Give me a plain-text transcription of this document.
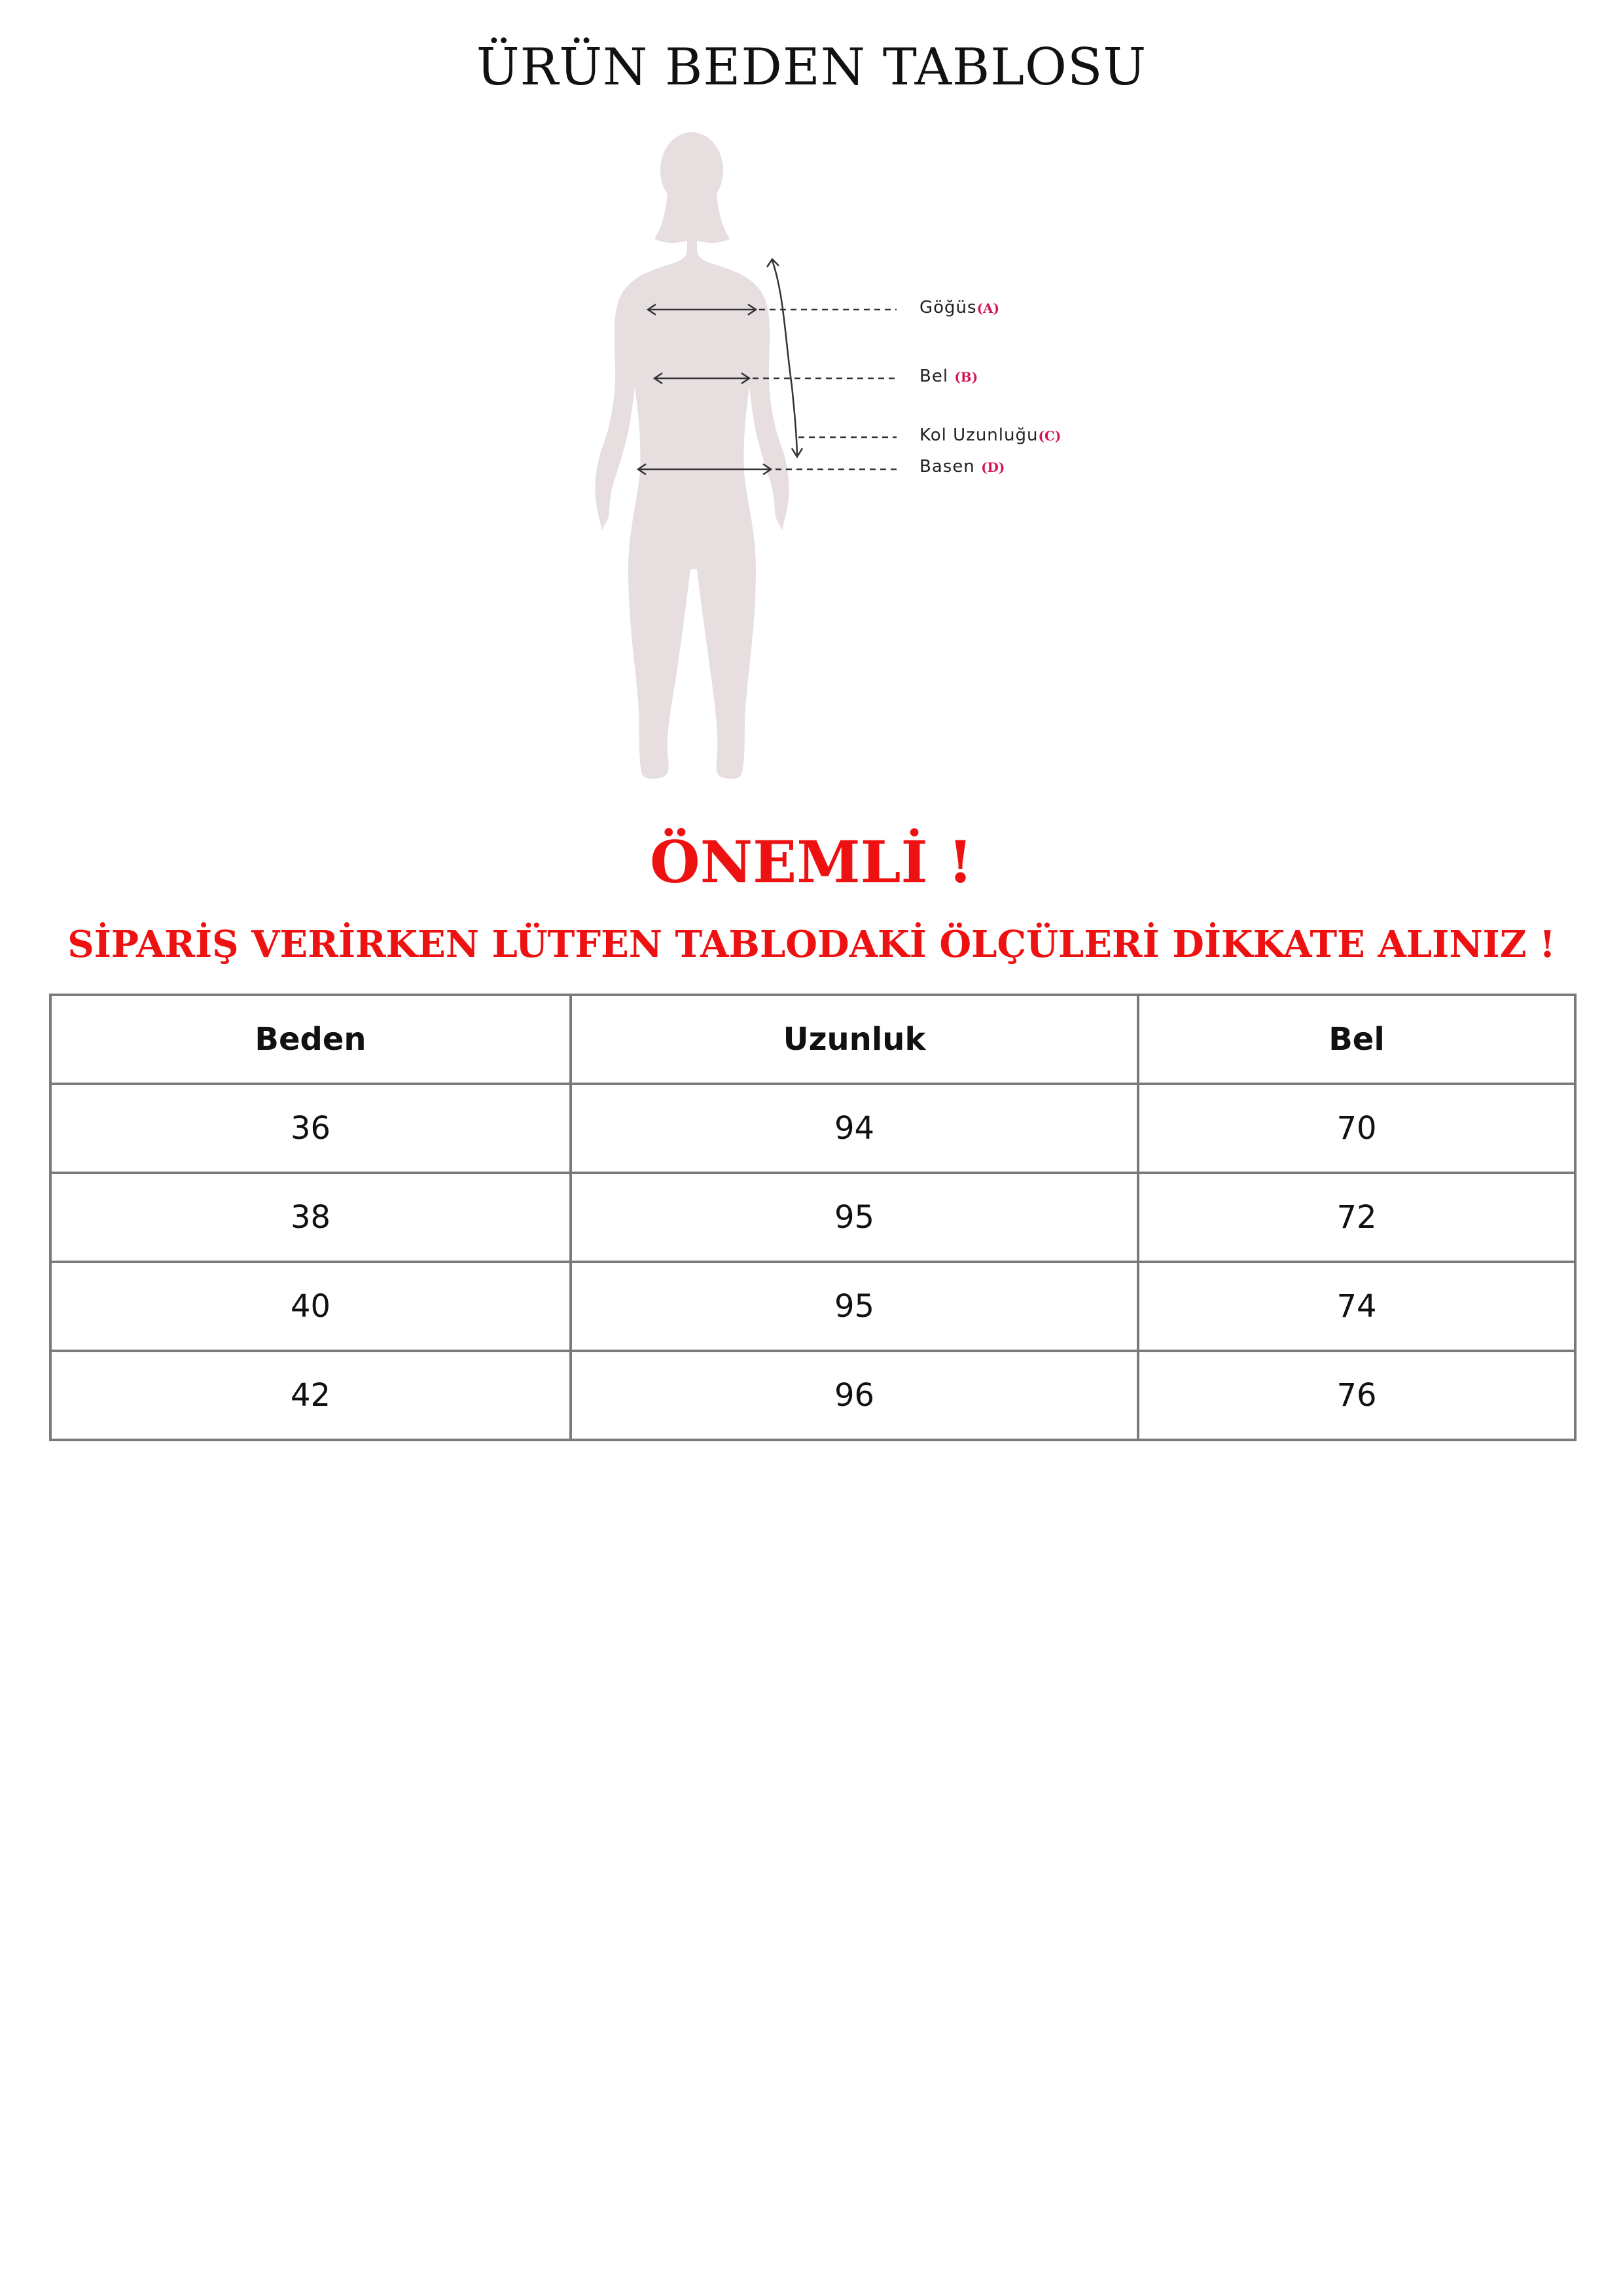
ÜRÜN BEDEN TABLOSU
Göğüs(A)
Bel (B)
Kol Uzunluğu(C)
Basen (D)
ÖNEMLİ !
SİPARİŞ VERİRKEN LÜTFEN TABLODAKİ ÖLÇÜLERİ DİKKATE ALINIZ !
Beden	Uzunluk	Bel
36	94	70
38	95	72
40	95	74
42	96	76
